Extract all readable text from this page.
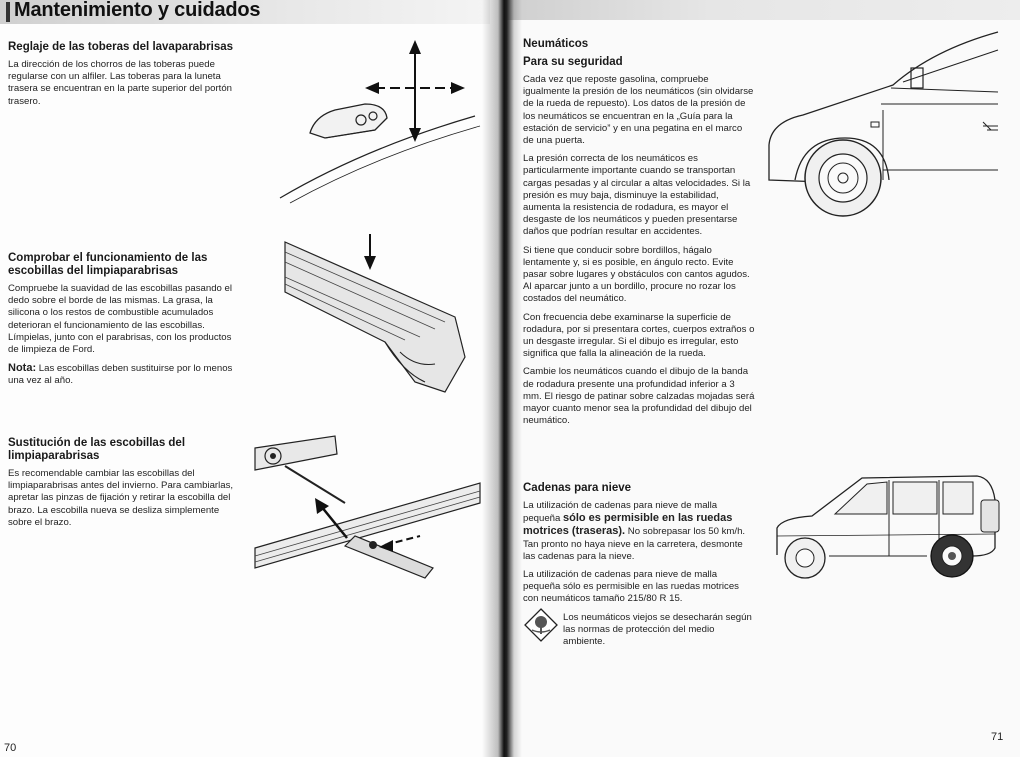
Mantenimiento y cuidados
Reglaje de las toberas del lavaparabrisas
La dirección de los chorros de las toberas puede regularse con un alfiler. Las toberas para la luneta trasera se encuentran en la parte superior del portón trasero.
Comprobar el funcionamiento de las escobillas del limpiaparabrisas
Compruebe la suavidad de las escobillas pasando el dedo sobre el borde de las mismas. La grasa, la silicona o los restos de combustible acumulados deterioran el funcionamiento de las escobillas. Límpielas, junto con el parabrisas, con los productos de limpieza de Ford.
Nota: Las escobillas deben sustituirse por lo menos una vez al año.
Sustitución de las escobillas del limpiaparabrisas
Es recomendable cambiar las escobillas del limpiaparabrisas antes del invierno. Para cambiarlas, apretar las pinzas de fijación y retirar la escobilla del brazo. La escobilla nueva se desliza simplemente sobre el brazo.
70
Neumáticos
Para su seguridad
Cada vez que reposte gasolina, compruebe igualmente la presión de los neumáticos (sin olvidarse de la rueda de repuesto). Los datos de la presión de los neumáticos se encuentran en la „Guía para la estación de servicio” y en una pegatina en el marco de una puerta.
La presión correcta de los neumáticos es particularmente importante cuando se transportan cargas pesadas y al circular a altas velocidades. Si la presión es muy baja, disminuye la estabilidad, aumenta la resistencia de rodadura, es mayor el desgaste de los neumáticos y pueden presentarse daños que podrían resultar en accidentes.
Si tiene que conducir sobre bordillos, hágalo lentamente y, si es posible, en ángulo recto. Evite pasar sobre lugares y obstáculos con cantos agudos. Al aparcar junto a un bordillo, procure no rozar los costados del neumático.
Con frecuencia debe examinarse la superficie de rodadura, por si presentara cortes, cuerpos extraños o un desgaste irregular. Si el dibujo es irregular, esto significa que falla la alineación de la rueda.
Cambie los neumáticos cuando el dibujo de la banda de rodadura presente una profundidad inferior a 3 mm. El riesgo de patinar sobre calzadas mojadas será mayor cuanto menor sea la profundidad del dibujo del neumático.
Cadenas para nieve
La utilización de cadenas para nieve de malla pequeña sólo es permisible en las ruedas motrices (traseras). No sobrepasar los 50 km/h. Tan pronto no haya nieve en la carretera, desmonte las cadenas para la nieve.
La utilización de cadenas para nieve de malla pequeña sólo es permisible en las ruedas motrices con neumáticos tamaño 215/80 R 15.
Los neumáticos viejos se desecharán según las normas de protección del medio ambiente.
71
